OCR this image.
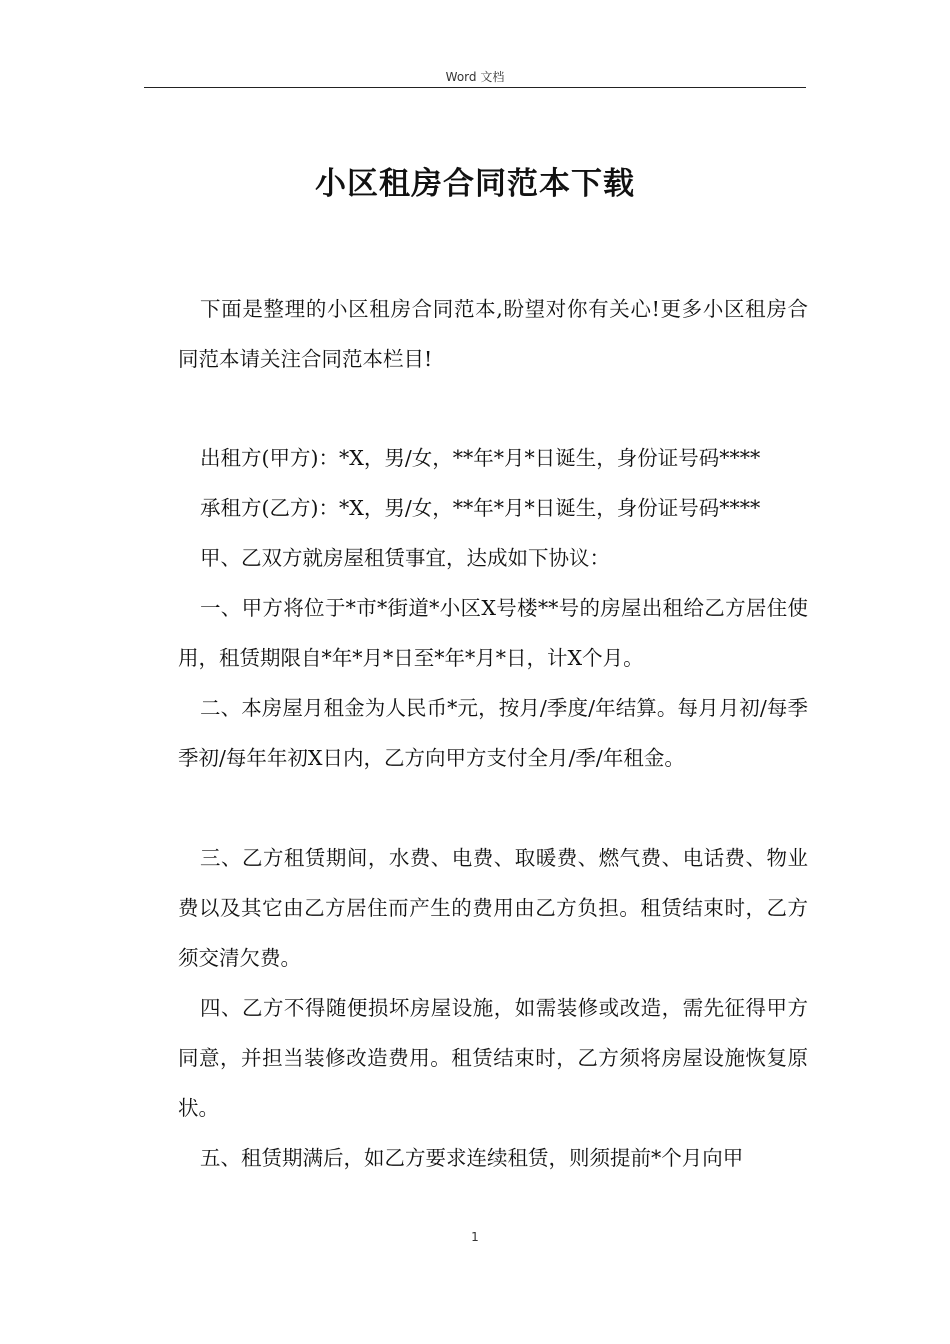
Word 文档
小区租房合同范本下载

下面是整理的小区租房合同范本,盼望对你有关心!更多小区租房合同范本请关注合同范本栏目!

出租方(甲方)：*X，男/女，**年*月*日诞生，身份证号码****

承租方(乙方)：*X，男/女，**年*月*日诞生，身份证号码****

甲、乙双方就房屋租赁事宜，达成如下协议：

一、甲方将位于*市*街道*小区X号楼**号的房屋出租给乙方居住使用，租赁期限自*年*月*日至*年*月*日，计X个月。

二、本房屋月租金为人民币*元，按月/季度/年结算。每月月初/每季季初/每年年初X日内，乙方向甲方支付全月/季/年租金。

三、乙方租赁期间，水费、电费、取暖费、燃气费、电话费、物业费以及其它由乙方居住而产生的费用由乙方负担。租赁结束时，乙方须交清欠费。

四、乙方不得随便损坏房屋设施，如需装修或改造，需先征得甲方同意，并担当装修改造费用。租赁结束时，乙方须将房屋设施恢复原状。

五、租赁期满后，如乙方要求连续租赁，则须提前*个月向甲

1
